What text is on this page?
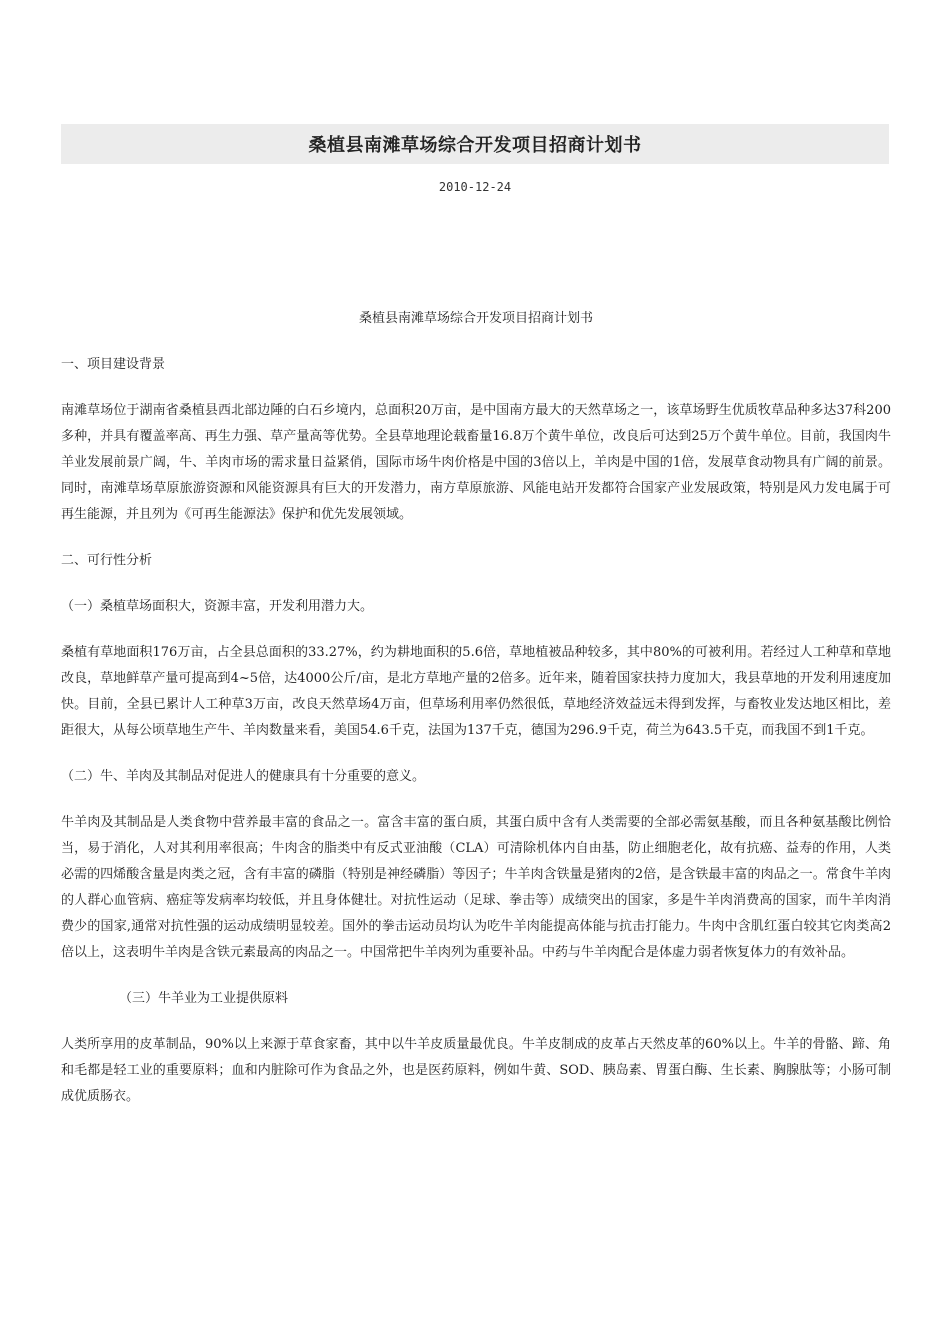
桑植县南滩草场综合开发项目招商计划书
2010-12-24

桑植县南滩草场综合开发项目招商计划书

一、项目建设背景

南滩草场位于湖南省桑植县西北部边陲的白石乡境内，总面积20万亩，是中国南方最大的天然草场之一，该草场野生优质牧草品种多达37科200多种，并具有覆盖率高、再生力强、草产量高等优势。全县草地理论载畜量16.8万个黄牛单位，改良后可达到25万个黄牛单位。目前，我国肉牛羊业发展前景广阔，牛、羊肉市场的需求量日益紧俏，国际市场牛肉价格是中国的3倍以上，羊肉是中国的1倍，发展草食动物具有广阔的前景。同时，南滩草场草原旅游资源和风能资源具有巨大的开发潜力，南方草原旅游、风能电站开发都符合国家产业发展政策，特别是风力发电属于可再生能源，并且列为《可再生能源法》保护和优先发展领域。

二、可行性分析

（一）桑植草场面积大，资源丰富，开发利用潜力大。

桑植有草地面积176万亩，占全县总面积的33.27%，约为耕地面积的5.6倍，草地植被品种较多，其中80%的可被利用。若经过人工种草和草地改良，草地鲜草产量可提高到4~5倍，达4000公斤/亩，是北方草地产量的2倍多。近年来，随着国家扶持力度加大，我县草地的开发利用速度加快。目前，全县已累计人工种草3万亩，改良天然草场4万亩，但草场利用率仍然很低，草地经济效益远未得到发挥，与畜牧业发达地区相比，差距很大，从每公顷草地生产牛、羊肉数量来看，美国54.6千克，法国为137千克，德国为296.9千克，荷兰为643.5千克，而我国不到1千克。

（二）牛、羊肉及其制品对促进人的健康具有十分重要的意义。

牛羊肉及其制品是人类食物中营养最丰富的食品之一。富含丰富的蛋白质，其蛋白质中含有人类需要的全部必需氨基酸，而且各种氨基酸比例恰当，易于消化，人对其利用率很高；牛肉含的脂类中有反式亚油酸（CLA）可清除机体内自由基，防止细胞老化，故有抗癌、益寿的作用，人类必需的四烯酸含量是肉类之冠，含有丰富的磷脂（特别是神经磷脂）等因子；牛羊肉含铁量是猪肉的2倍，是含铁最丰富的肉品之一。常食牛羊肉的人群心血管病、癌症等发病率均较低，并且身体健壮。对抗性运动（足球、拳击等）成绩突出的国家，多是牛羊肉消费高的国家，而牛羊肉消费少的国家,通常对抗性强的运动成绩明显较差。国外的拳击运动员均认为吃牛羊肉能提高体能与抗击打能力。牛肉中含肌红蛋白较其它肉类高2倍以上，这表明牛羊肉是含铁元素最高的肉品之一。中国常把牛羊肉列为重要补品。中药与牛羊肉配合是体虚力弱者恢复体力的有效补品。

（三）牛羊业为工业提供原料

人类所享用的皮革制品，90%以上来源于草食家畜，其中以牛羊皮质量最优良。牛羊皮制成的皮革占天然皮革的60%以上。牛羊的骨骼、蹄、角和毛都是轻工业的重要原料；血和内脏除可作为食品之外，也是医药原料，例如牛黄、SOD、胰岛素、胃蛋白酶、生长素、胸腺肽等；小肠可制成优质肠衣。
